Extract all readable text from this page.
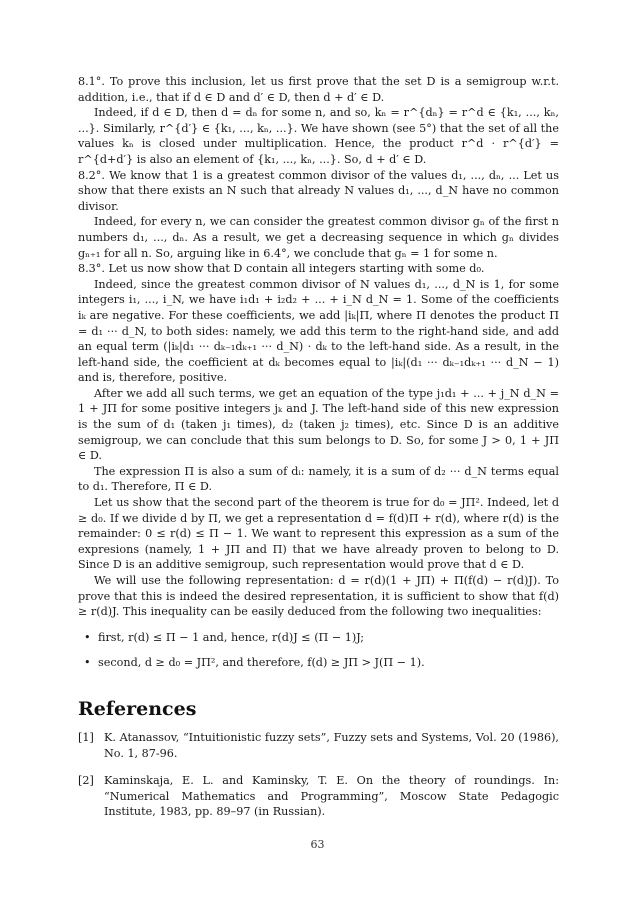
8.1°. To prove this inclusion, let us first prove that the set D is a semigroup w.r.t. addition, i.e., that if d ∈ D and d′ ∈ D, then d + d′ ∈ D.

Indeed, if d ∈ D, then d = dₙ for some n, and so, kₙ = r^{dₙ} = r^d ∈ {k₁, ..., kₙ, ...}. Similarly, r^{d′} ∈ {k₁, ..., kₙ, ...}. We have shown (see 5°) that the set of all the values kₙ is closed under multiplication. Hence, the product r^d · r^{d′} = r^{d+d′} is also an element of {k₁, ..., kₙ, ...}. So, d + d′ ∈ D.

8.2°. We know that 1 is a greatest common divisor of the values d₁, ..., dₙ, ... Let us show that there exists an N such that already N values d₁, ..., d_N have no common divisor.

Indeed, for every n, we can consider the greatest common divisor gₙ of the first n numbers d₁, ..., dₙ. As a result, we get a decreasing sequence in which gₙ divides gₙ₊₁ for all n. So, arguing like in 6.4°, we conclude that gₙ = 1 for some n.

8.3°. Let us now show that D contain all integers starting with some d₀.

Indeed, since the greatest common divisor of N values d₁, ..., d_N is 1, for some integers i₁, ..., i_N, we have i₁d₁ + i₂d₂ + ... + i_N d_N = 1. Some of the coefficients iₖ are negative. For these coefficients, we add |iₖ|Π, where Π denotes the product Π = d₁ ··· d_N, to both sides: namely, we add this term to the right-hand side, and add an equal term (|iₖ|d₁ ··· dₖ₋₁dₖ₊₁ ··· d_N) · dₖ to the left-hand side. As a result, in the left-hand side, the coefficient at dₖ becomes equal to |iₖ|(d₁ ··· dₖ₋₁dₖ₊₁ ··· d_N − 1) and is, therefore, positive.

After we add all such terms, we get an equation of the type j₁d₁ + ... + j_N d_N = 1 + JΠ for some positive integers jₖ and J. The left-hand side of this new expression is the sum of d₁ (taken j₁ times), d₂ (taken j₂ times), etc. Since D is an additive semigroup, we can conclude that this sum belongs to D. So, for some J > 0, 1 + JΠ ∈ D.

The expression Π is also a sum of dᵢ: namely, it is a sum of d₂ ··· d_N terms equal to d₁. Therefore, Π ∈ D.

Let us show that the second part of the theorem is true for d₀ = JΠ². Indeed, let d ≥ d₀. If we divide d by Π, we get a representation d = f(d)Π + r(d), where r(d) is the remainder: 0 ≤ r(d) ≤ Π − 1. We want to represent this expression as a sum of the expresions (namely, 1 + JΠ and Π) that we have already proven to belong to D. Since D is an additive semigroup, such representation would prove that d ∈ D.

We will use the following representation: d = r(d)(1 + JΠ) + Π(f(d) − r(d)J). To prove that this is indeed the desired representation, it is sufficient to show that f(d) ≥ r(d)J. This inequality can be easily deduced from the following two inequalities:

• first, r(d) ≤ Π − 1 and, hence, r(d)J ≤ (Π − 1)J;
• second, d ≥ d₀ = JΠ², and therefore, f(d) ≥ JΠ > J(Π − 1).
References
[1] K. Atanassov, “Intuitionistic fuzzy sets”, Fuzzy sets and Systems, Vol. 20 (1986), No. 1, 87-96.
[2] Kaminskaja, E. L. and Kaminsky, T. E. On the theory of roundings. In: “Numerical Mathematics and Programming”, Moscow State Pedagogic Institute, 1983, pp. 89–97 (in Russian).
63
